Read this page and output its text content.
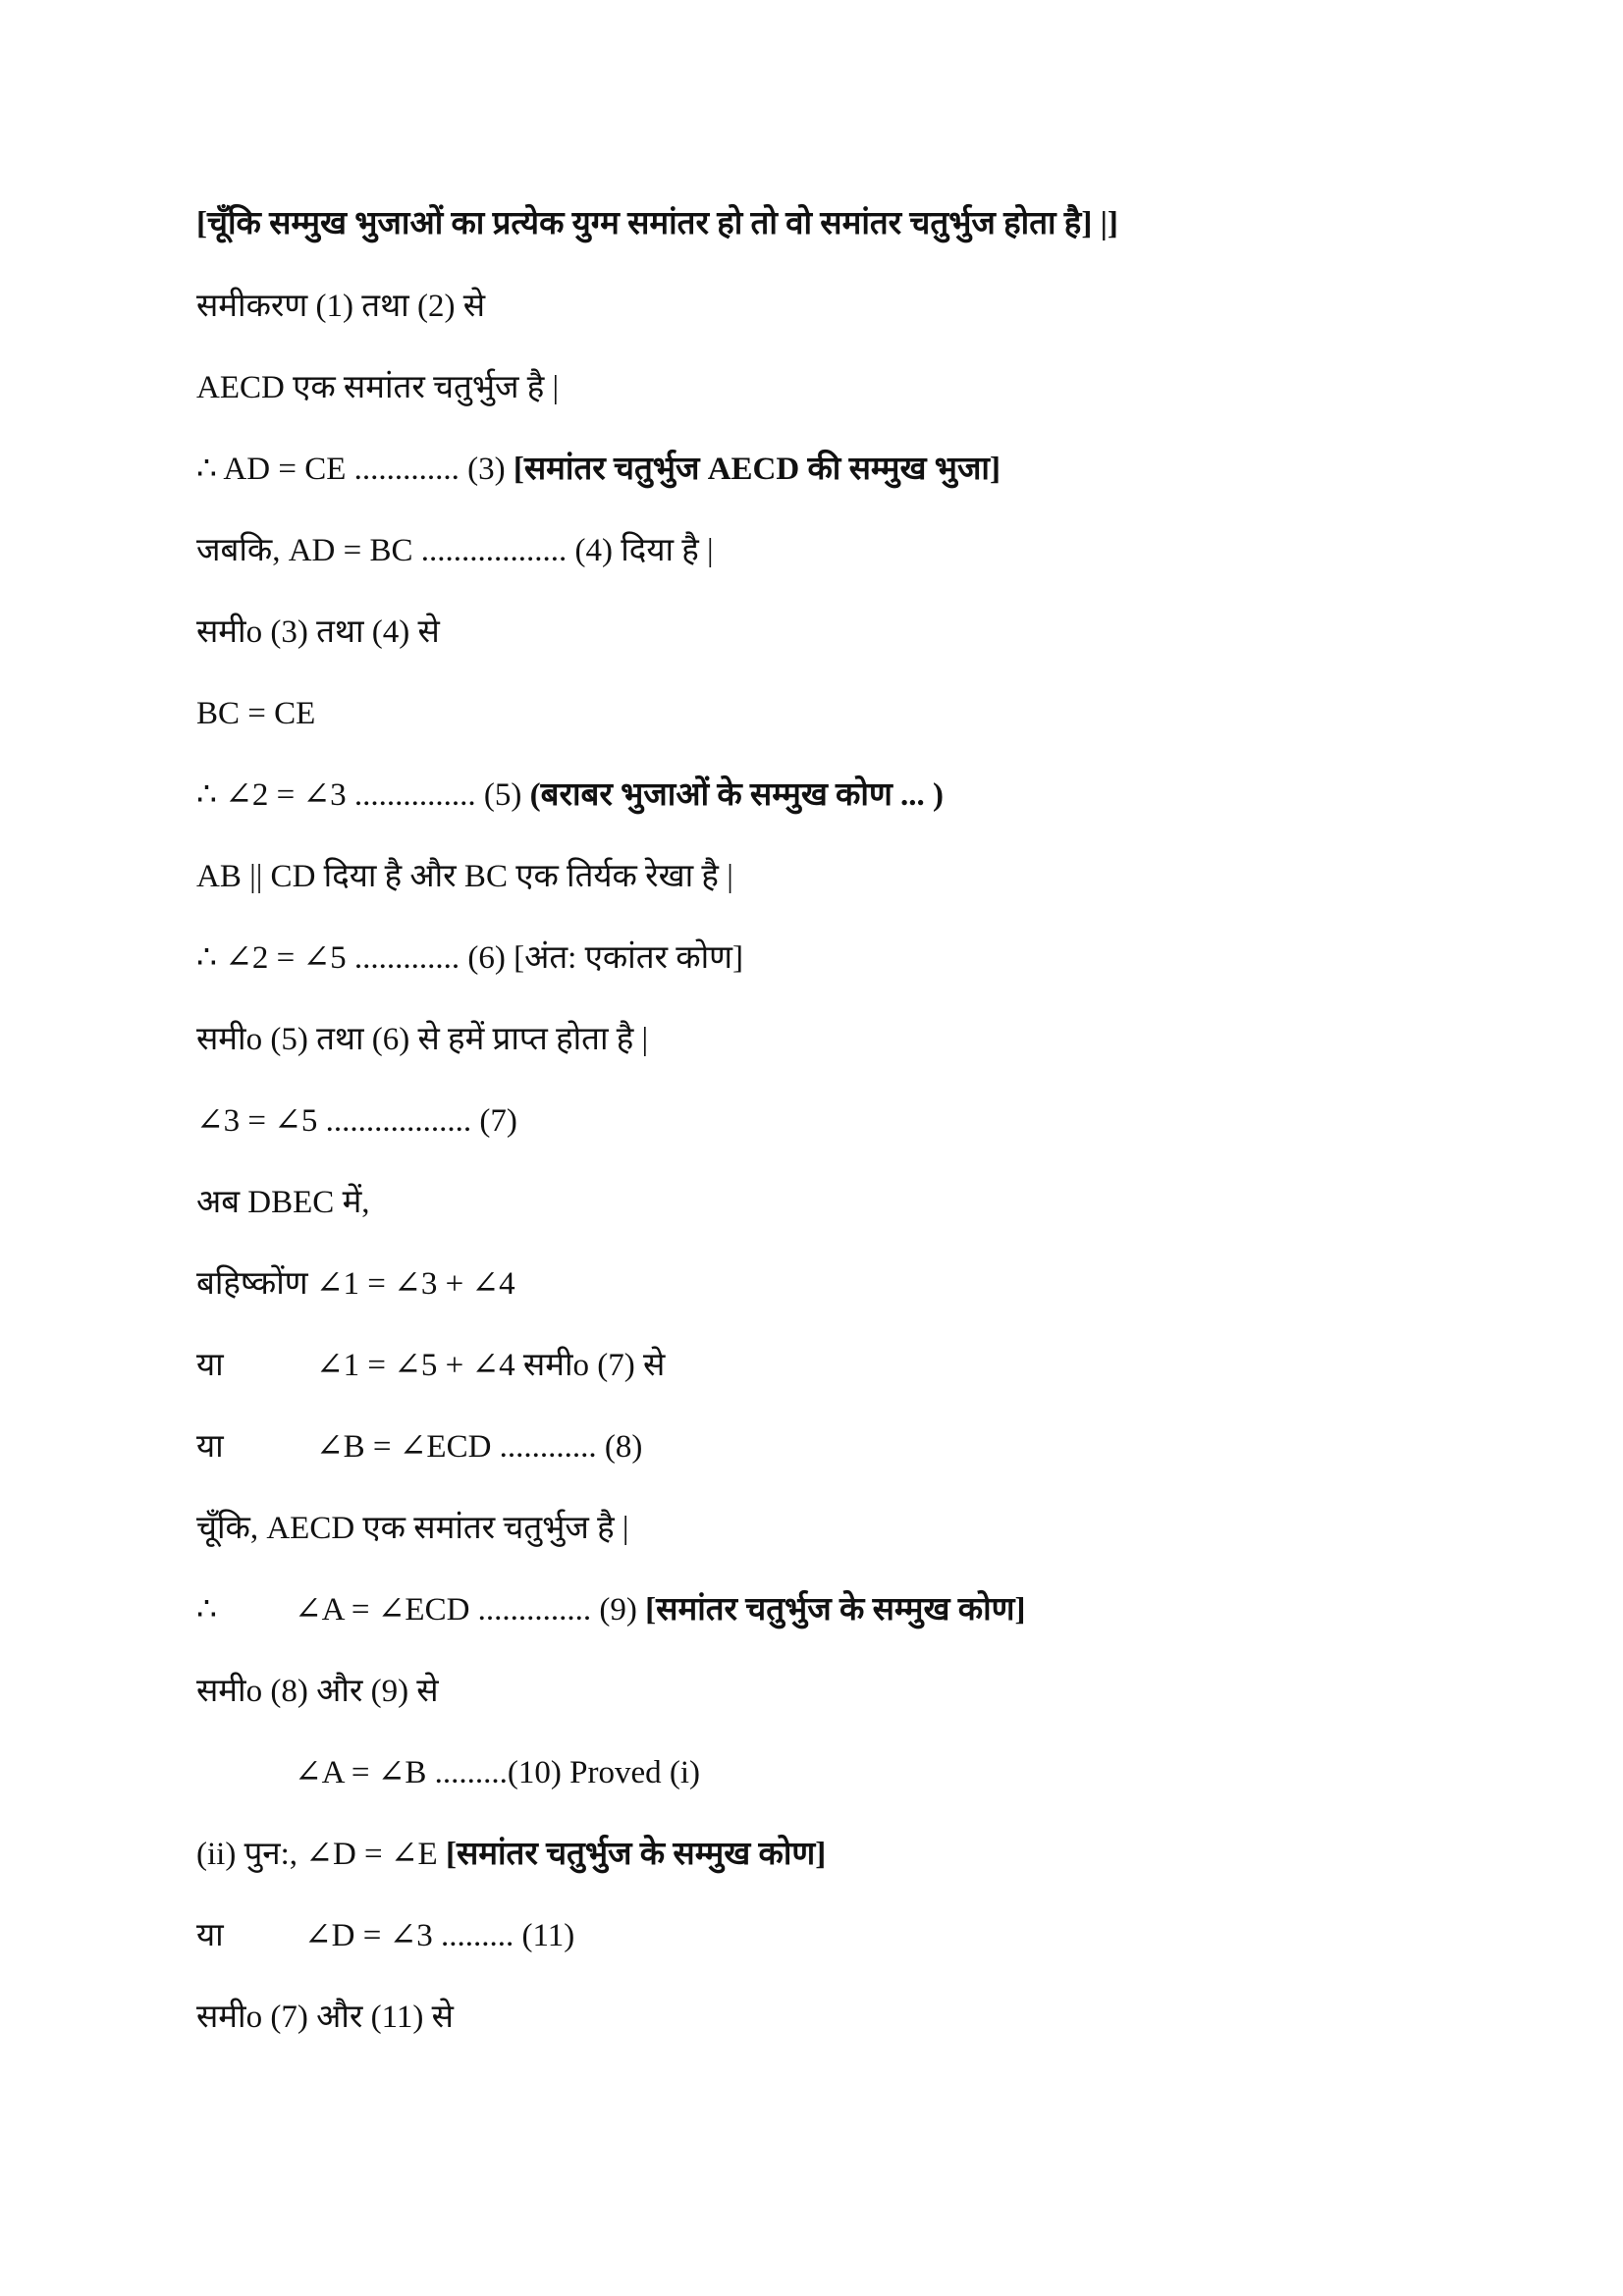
[चूँकि सम्मुख भुजाओं का प्रत्येक युग्म समांतर हो तो वो समांतर चतुर्भुज होता है] |]
समीकरण (1) तथा (2) से
AECD एक समांतर चतुर्भुज है |
∴ AD = CE ............. (3) [समांतर चतुर्भुज AECD की सम्मुख भुजा]
जबकि, AD = BC .................. (4) दिया है |
समीo (3) तथा (4) से
BC = CE
∴ ∠2 = ∠3 ............... (5) (बराबर भुजाओं के सम्मुख कोण ... )
AB || CD दिया है और BC एक तिर्यक रेखा है |
∴ ∠2 = ∠5 ............. (6) [अंत: एकांतर कोण]
समीo (5) तथा (6) से हमें प्राप्त होता है |
∠3 = ∠5 .................. (7)
अब DBEC में,
बहिष्कोंण ∠1 = ∠3 + ∠4
या	∠1 = ∠5 + ∠4 समीo (7) से
या	∠B = ∠ECD ............ (8)
चूँकि, AECD एक समांतर चतुर्भुज है |
∴ ∠A = ∠ECD .............. (9) [समांतर चतुर्भुज के सम्मुख कोण]
समीo (8) और (9) से
∠A = ∠B .........(10) Proved (i)
(ii) पुन:, ∠D = ∠E [समांतर चतुर्भुज के सम्मुख कोण]
या ∠D = ∠3 ......... (11)
समीo (7) और (11) से
